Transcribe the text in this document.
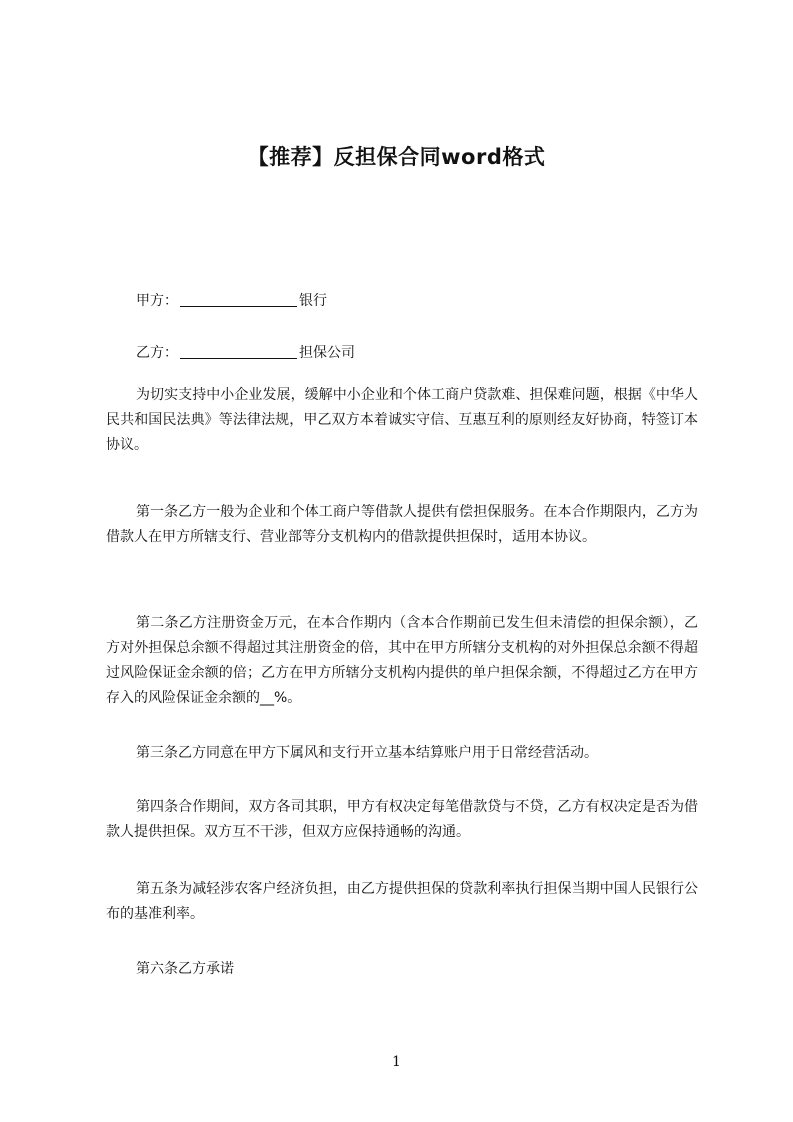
【推荐】反担保合同word格式
甲方：	银行
乙方：	担保公司

为切实支持中小企业发展，缓解中小企业和个体工商户贷款难、担保难问题，根据《中华人民共和国民法典》等法律法规，甲乙双方本着诚实守信、互惠互利的原则经友好协商，特签订本协议。

第一条乙方一般为企业和个体工商户等借款人提供有偿担保服务。在本合作期限内，乙方为借款人在甲方所辖支行、营业部等分支机构内的借款提供担保时，适用本协议。

第二条乙方注册资金万元，在本合作期内（含本合作期前已发生但未清偿的担保余额），乙方对外担保总余额不得超过其注册资金的倍，其中在甲方所辖分支机构的对外担保总余额不得超过风险保证金余额的倍；乙方在甲方所辖分支机构内提供的单户担保余额，不得超过乙方在甲方存入的风险保证金余额的__%。

第三条乙方同意在甲方下属风和支行开立基本结算账户用于日常经营活动。

第四条合作期间，双方各司其职，甲方有权决定每笔借款贷与不贷，乙方有权决定是否为借款人提供担保。双方互不干涉，但双方应保持通畅的沟通。

第五条为减轻涉农客户经济负担，由乙方提供担保的贷款利率执行担保当期中国人民银行公布的基准利率。

第六条乙方承诺

1
